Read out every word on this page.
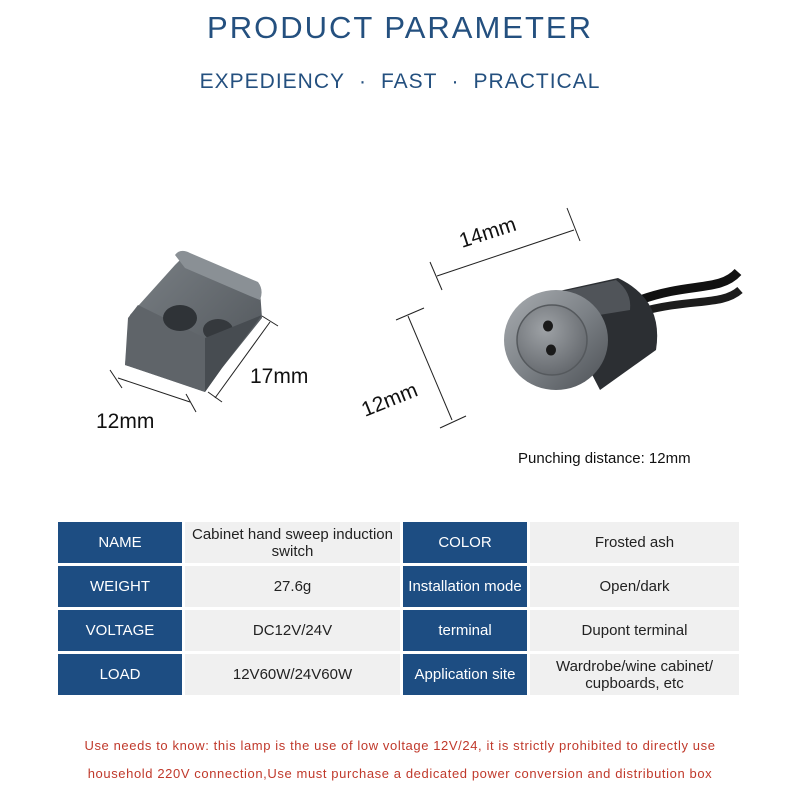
PRODUCT PARAMETER
EXPEDIENCY · FAST · PRACTICAL
12mm
17mm
14mm
12mm
Punching distance: 12mm
NAME	Cabinet hand sweep induction switch	COLOR	Frosted ash
WEIGHT	27.6g	Installation mode	Open/dark
VOLTAGE	DC12V/24V	terminal	Dupont terminal
LOAD	12V60W/24V60W	Application site	Wardrobe/wine cabinet/ cupboards, etc
Use needs to know: this lamp is the use of low voltage 12V/24, it is strictly prohibited to directly use
household 220V connection,Use must purchase a dedicated power conversion and distribution box
